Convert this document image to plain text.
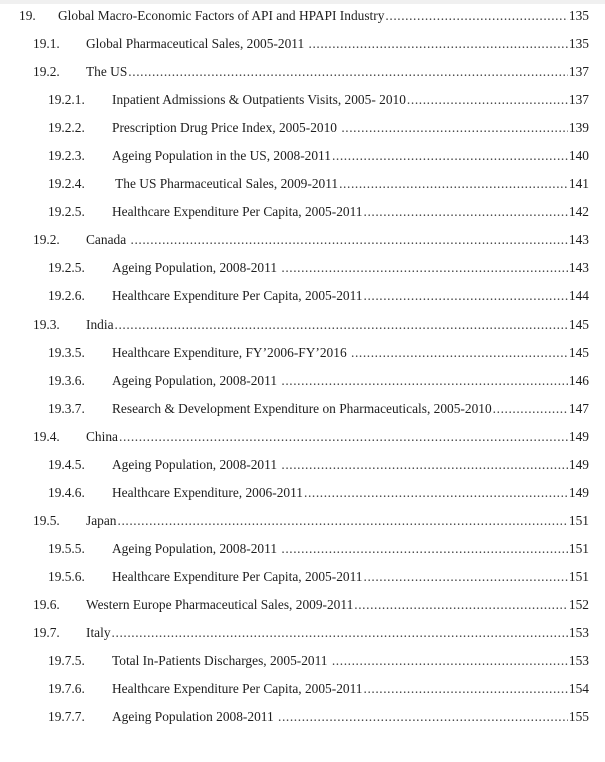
19. Global Macro-Economic Factors of API and HPAPI Industry .....	135
19.1. Global Pharmaceutical Sales, 2005-2011 .....	135
19.2. The US .....	137
19.2.1. Inpatient Admissions & Outpatients Visits, 2005- 2010 .....	137
19.2.2. Prescription Drug Price Index, 2005-2010 .....	139
19.2.3. Ageing Population in the US, 2008-2011 .....	140
19.2.4. The US Pharmaceutical Sales, 2009-2011 .....	141
19.2.5. Healthcare Expenditure Per Capita, 2005-2011 .....	142
19.2. Canada .....	143
19.2.5. Ageing Population, 2008-2011 .....	143
19.2.6. Healthcare Expenditure Per Capita, 2005-2011 .....	144
19.3. India .....	145
19.3.5. Healthcare Expenditure, FY’2006-FY’2016 .....	145
19.3.6. Ageing Population, 2008-2011 .....	146
19.3.7. Research & Development Expenditure on Pharmaceuticals, 2005-2010 .....	147
19.4. China .....	149
19.4.5. Ageing Population, 2008-2011 .....	149
19.4.6. Healthcare Expenditure, 2006-2011 .....	149
19.5. Japan .....	151
19.5.5. Ageing Population, 2008-2011 .....	151
19.5.6. Healthcare Expenditure Per Capita, 2005-2011 .....	151
19.6. Western Europe Pharmaceutical Sales, 2009-2011 .....	152
19.7. Italy .....	153
19.7.5. Total In-Patients Discharges, 2005-2011 .....	153
19.7.6. Healthcare Expenditure Per Capita, 2005-2011 .....	154
19.7.7. Ageing Population 2008-2011 .....	155
